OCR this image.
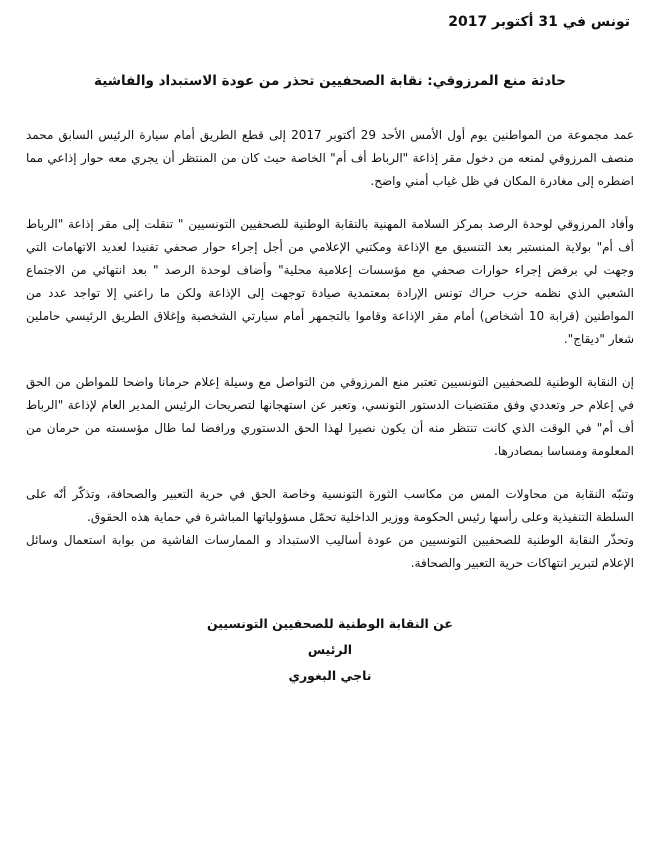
تونس في 31 أكتوبر 2017
حادثة منع المرزوقي: نقابة الصحفيين تحذر من عودة الاستبداد والفاشية

عمد مجموعة من المواطنين يوم أول الأمس الأحد 29 أكتوبر 2017 إلى قطع الطريق أمام سيارة الرئيس السابق محمد منصف المرزوقي لمنعه من دخول مقر إذاعة "الرباط أف أم" الخاصة حيث كان من المنتظر أن يجري معه حوار إذاعي مما اضطره إلى مغادرة المكان في ظل غياب أمني واضح.

وأفاد المرزوقي لوحدة الرصد بمركز السلامة المهنية بالنقابة الوطنية للصحفيين التونسيين " تنقلت إلى مقر إذاعة "الرباط أف أم" بولاية المنستير بعد التنسيق مع الإذاعة ومكتبي الإعلامي من أجل إجراء حوار صحفي تفنيدا لعديد الاتهامات التي وجهت لي برفض إجراء حوارات صحفي مع مؤسسات إعلامية محلية" وأضاف لوحدة الرصد " بعد انتهائي من الاجتماع الشعبي الذي نظمه حزب حراك تونس الإرادة بمعتمدية صيادة توجهت إلى الإذاعة ولكن ما راعني إلا تواجد عدد من المواطنين (قرابة 10 أشخاص) أمام مقر الإذاعة وقاموا بالتجمهر أمام سيارتي الشخصية وإغلاق الطريق الرئيسي حاملين شعار "ديقاج".

إن النقابة الوطنية للصحفيين التونسيين تعتبر منع المرزوقي من التواصل مع وسيلة إعلام حرمانا واضحا للمواطن من الحق في إعلام حر وتعددي وفق مقتضيات الدستور التونسي، وتعبر عن استهجانها لتصريحات الرئيس المدير العام لإذاعة "الرباط أف أم" في الوقت الذي كانت تنتظر منه أن يكون نصيرا لهذا الحق الدستوري ورافضا لما طال مؤسسته من حرمان من المعلومة ومساسا بمصادرها.

وتنبّه النقابة من محاولات المس من مكاسب الثورة التونسية وخاصة الحق في حرية التعبير والصحافة، وتذكّر أنّه على السلطة التنفيذية وعلى رأسها رئيس الحكومة ووزير الداخلية تحمّل مسؤولياتها المباشرة في حماية هذه الحقوق.

وتحذّر النقابة الوطنية للصحفيين التونسيين من عودة أساليب الاستبداد و الممارسات الفاشية من بوابة استعمال وسائل الإعلام لتبرير انتهاكات حرية التعبير والصحافة.

عن النقابة الوطنية للصحفيين التونسيين
الرئيس
ناجي البغوري
